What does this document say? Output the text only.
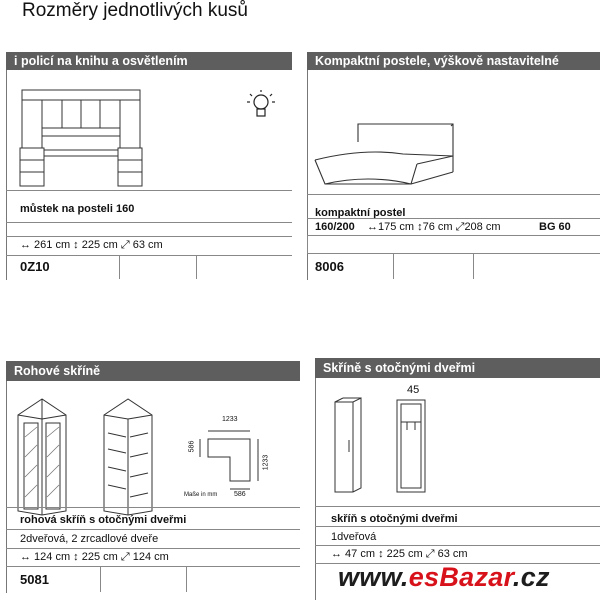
Rozměry jednotlivých kusů
i policí na knihu a osvětlením
můstek na posteli 160
↔ 261 cm ↕ 225 cm ⤢ 63 cm
0Z10
Kompaktní postele, výškově nastavitelné
kompaktní postel
160/200 ↔175 cm ↕76 cm ⤢208 cm	BG 60
8006
Rohové skříně
1233
586
1233
586
Maße in mm
rohová skříň s otočnými dveřmi
2dveřová, 2 zrcadlové dveře
↔ 124 cm ↕ 225 cm ⤢ 124 cm
5081
Skříně s otočnými dveřmi
45
skříň s otočnými dveřmi
1dveřová
↔ 47 cm ↕ 225 cm ⤢ 63 cm
www.esBazar.cz
